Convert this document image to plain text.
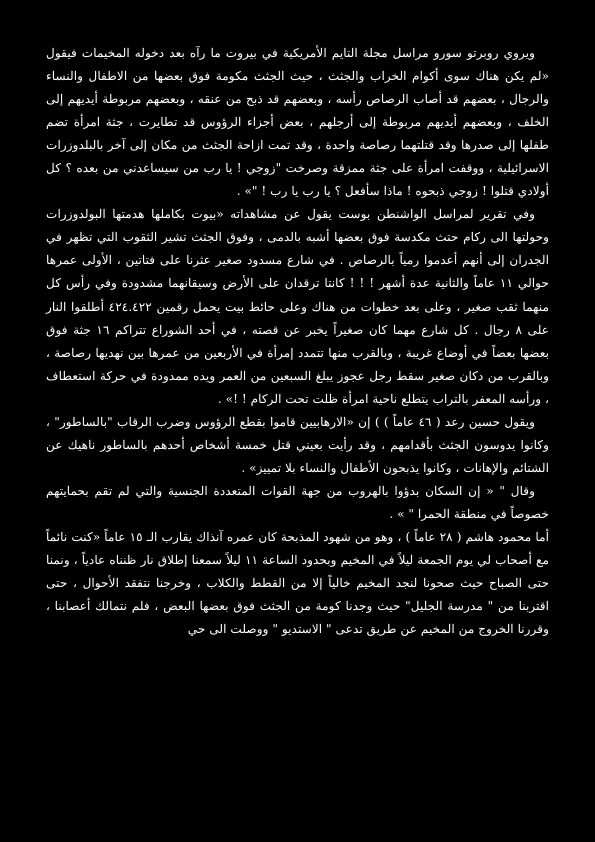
ويروي روبرتو سورو مراسل مجلة التايم الأمريكية في بيروت ما رآه بعد دخوله المخيمات فيقول «لم يكن هناك سوى أكوام الخراب والجثث ، حيث الجثث مكومة فوق بعضها من الاطفال والنساء والرجال ، بعضهم قد أصاب الرصاص رأسه ، وبعضهم قد ذبح من عنقه ، وبعضهم مربوطة أيديهم إلى الخلف ، وبعضهم أيديهم مربوطة إلى أرجلهم ، بعض أجزاء الرؤوس قد تطايرت ، جثة امرأة تضم طفلها إلى صدرها وقد قتلتهما رصاصة واحدة ، وقد تمت ازاحة الجثث من مكان إلى آخر بالبلدوزرات الاسرائيلية ، ووقفت امرأة على جثة ممزقة وصرخت "زوجي ! يا رب من سيساعدني من بعده ؟ كل أولادي قتلوا ! زوجي ذبحوه ! ماذا سأفعل ؟ يا رب يا رب ! "» .

وفي تقرير لمراسل الواشنطن بوست يقول عن مشاهداته «بيوت بكاملها هدمتها البولدوزرات وحولتها الى ركام حتث مكدسة فوق بعضها أشبه بالدمى ، وفوق الجثث تشير الثقوب التي تظهر في الجدران إلى أنهم أعدموا رمياً بالرصاص . في شارع مسدود صغير عثرنا على فتاتين ، الأولى عمرها حوالي ١١ عاماً والثانية عدة أشهر ! ! ! كانتا ترقدان على الأرض وسيقانهما مشدودة وفي رأس كل منهما ثقب صغير ، وعلى بعد خطوات من هناك وعلى حائط بيت يحمل رقمين ٤٢٤.٤٢٢ أطلقوا النار على ٨ رجال . كل شارع مهما كان صغيراً يخبر عن قصته ، في أحد الشوراع تتراكم ١٦ جثة فوق بعضها بعضاً في أوضاع غريبة ، وبالقرب منها تتمدد إمرأة في الأربعين من عمرها بين نهديها رصاصة ، وبالقرب من دكان صغير سقط رجل عجوز يبلغ السبعين من العمر ويده ممدودة في حركة استعطاف ، ورأسه المعفر بالتراب يتطلع ناحية امرأة ظلت تحت الركام ! !» .

ويقول حسين رعد ( ٤٦ عاماً ) ) إن «الارهابيين قاموا بقطع الرؤوس وضرب الرقاب "بالساطور" ، وكانوا يدوسون الجثث بأقدامهم ، وقد رأيت بعيني قتل خمسة أشخاص أحدهم بالساطور ناهيك عن الشتائم والإهانات ، وكانوا يذبحون الأطفال والنساء بلا تمييز» .

وقال " « إن السكان بدؤوا بالهروب من جهة القوات المتعددة الجنسية والتي لم تقم بحمايتهم خصوصاً في منطقة الحمرا " » .

أما محمود هاشم ( ٢٨ عاماً ) ، وهو من شهود المذبحة كان عمره آنذاك يقارب الـ ١٥ عاماً «كنت نائماً مع أصحاب لي يوم الجمعة ليلاً في المخيم وبحدود الساعة ١١ ليلاً سمعنا إطلاق نار ظنناه عادياً ، ونمنا حتى الصباح حيث صحونا لنجد المخيم خالياً إلا من القطط والكلاب ، وخرجنا نتفقد الأحوال ، حتى اقتربنا من " مدرسة الجليل" حيث وجدنا كومة من الجثث فوق بعضها البعض ، فلم نتمالك أعصابنا ، وقررنا الخروج من المخيم عن طريق تدعى " الاستديو " ووصلت الى حي
